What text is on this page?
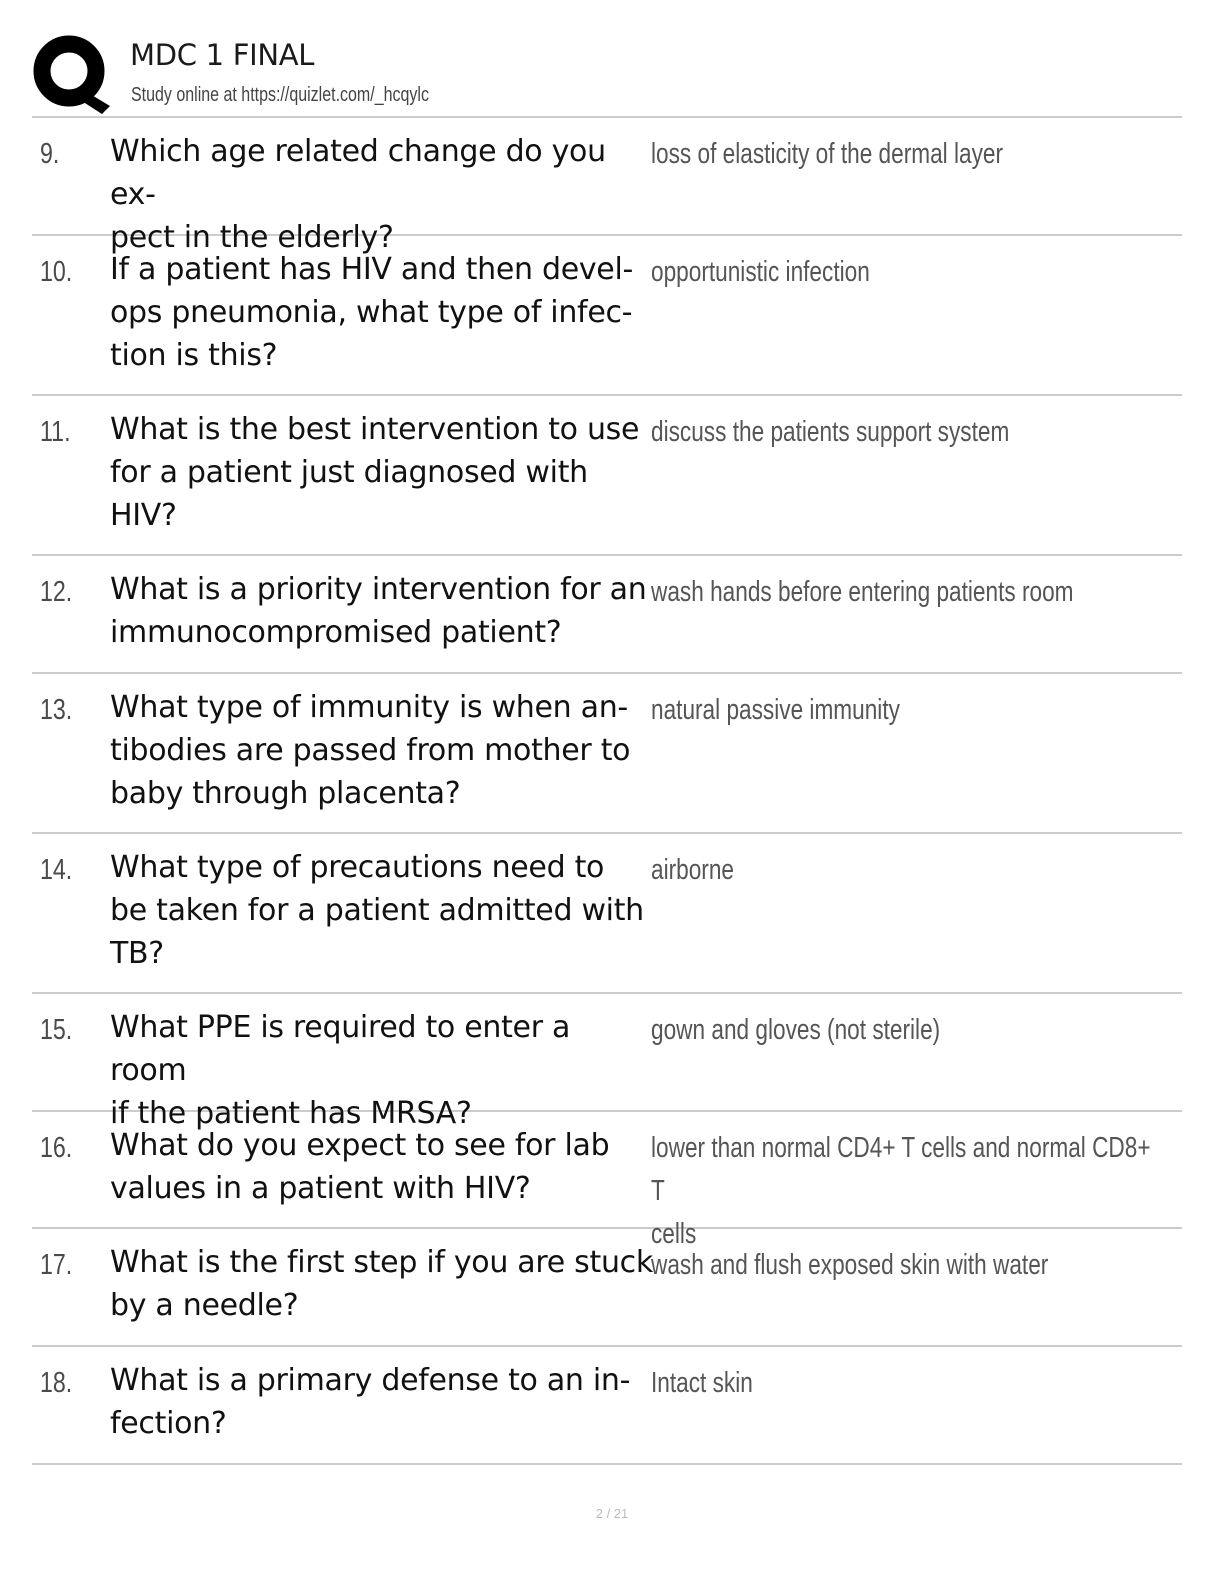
MDC 1 FINAL
Study online at https://quizlet.com/_hcqylc
9. Which age related change do you ex-
pect in the elderly?
loss of elasticity of the dermal layer
10. If a patient has HIV and then devel-
ops pneumonia, what type of infec-
tion is this?
opportunistic infection
11. What is the best intervention to use
for a patient just diagnosed with
HIV?
discuss the patients support system
12. What is a priority intervention for an
immunocompromised patient?
wash hands before entering patients room
13. What type of immunity is when an-
tibodies are passed from mother to
baby through placenta?
natural passive immunity
14. What type of precautions need to
be taken for a patient admitted with
TB?
airborne
15. What PPE is required to enter a room
if the patient has MRSA?
gown and gloves (not sterile)
16. What do you expect to see for lab
values in a patient with HIV?
lower than normal CD4+ T cells and normal CD8+ T
cells
17. What is the first step if you are stuck
by a needle?
wash and flush exposed skin with water
18. What is a primary defense to an in-
fection?
Intact skin
2 / 21
